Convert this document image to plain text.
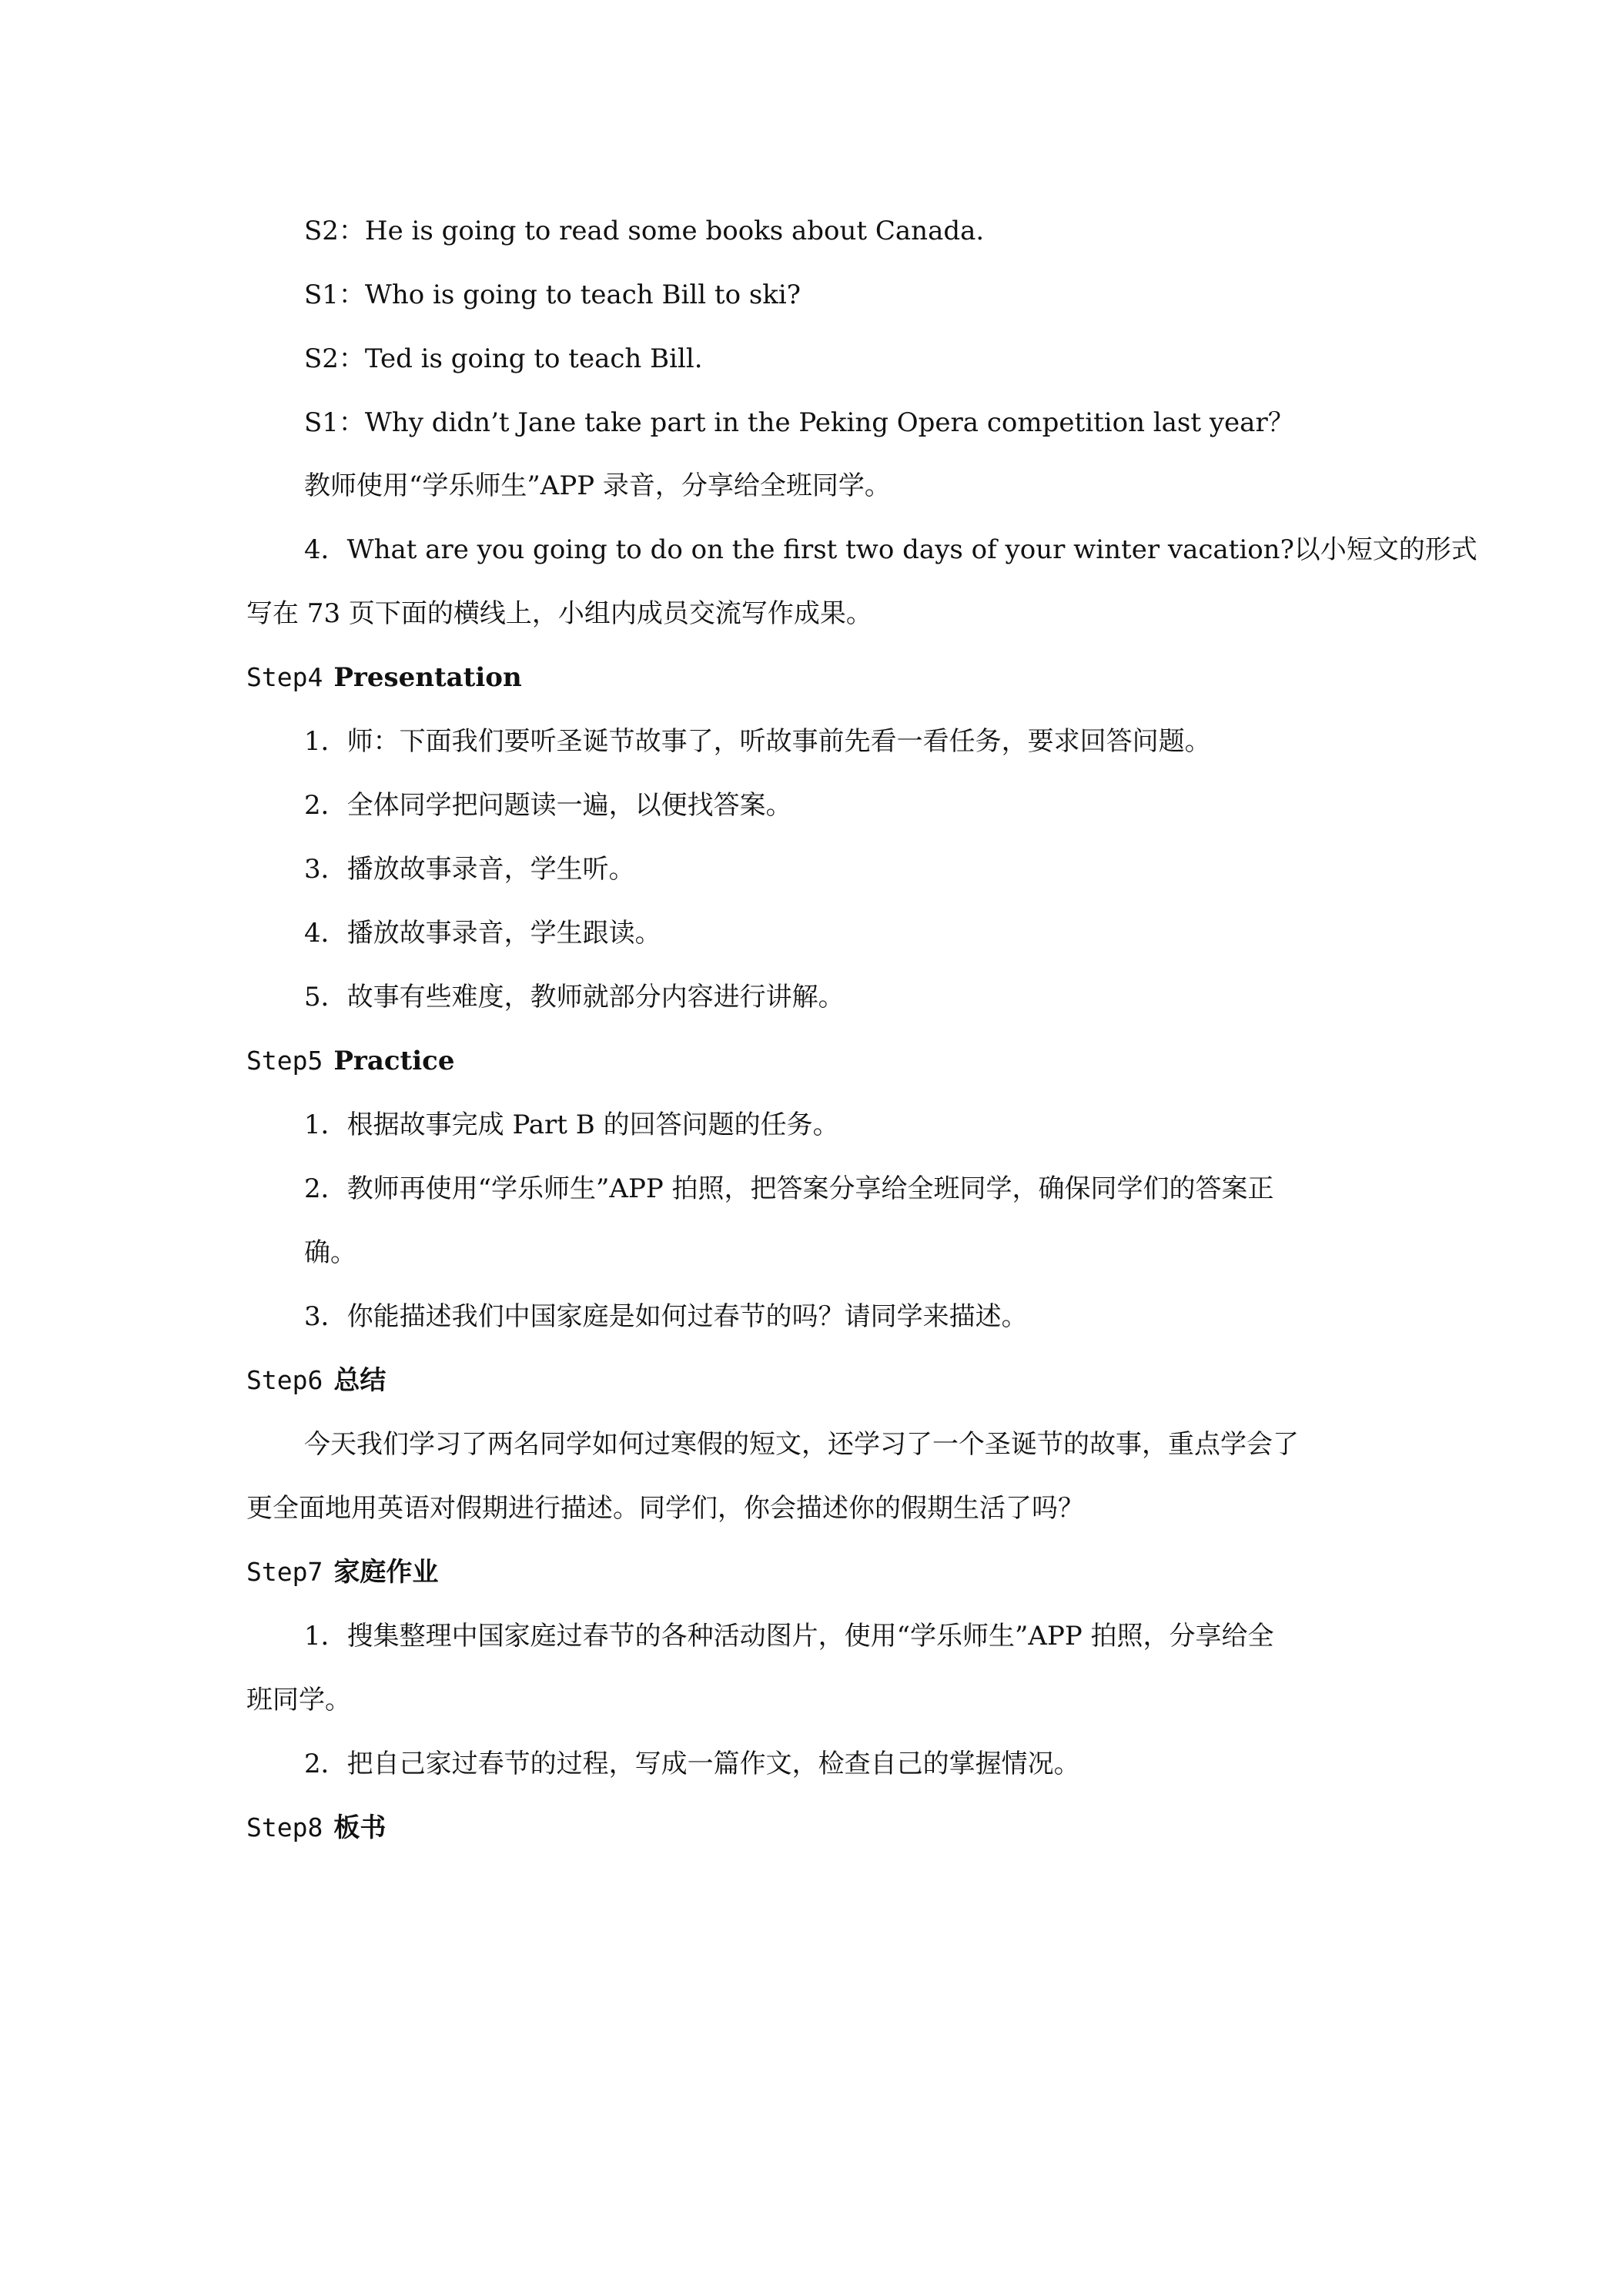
S2：He is going to read some books about Canada.
S1：Who is going to teach Bill to ski?
S2：Ted is going to teach Bill.
S1：Why didn’t Jane take part in the Peking Opera competition last year？
教师使用“学乐师生”APP 录音，分享给全班同学。
4．What are you going to do on the first two days of your winter vacation?以小短文的形式
写在 73 页下面的横线上，小组内成员交流写作成果。
Step4 Presentation
1．师：下面我们要听圣诞节故事了，听故事前先看一看任务，要求回答问题。
2．全体同学把问题读一遍，以便找答案。
3．播放故事录音，学生听。
4．播放故事录音，学生跟读。
5．故事有些难度，教师就部分内容进行讲解。
Step5 Practice
1．根据故事完成 Part B 的回答问题的任务。
2．教师再使用“学乐师生”APP 拍照，把答案分享给全班同学，确保同学们的答案正
确。
3．你能描述我们中国家庭是如何过春节的吗？请同学来描述。
Step6 总结
今天我们学习了两名同学如何过寒假的短文，还学习了一个圣诞节的故事，重点学会了
更全面地用英语对假期进行描述。同学们，你会描述你的假期生活了吗？
Step7 家庭作业
1．搜集整理中国家庭过春节的各种活动图片，使用“学乐师生”APP 拍照，分享给全
班同学。
2．把自己家过春节的过程，写成一篇作文，检查自己的掌握情况。
Step8 板书
